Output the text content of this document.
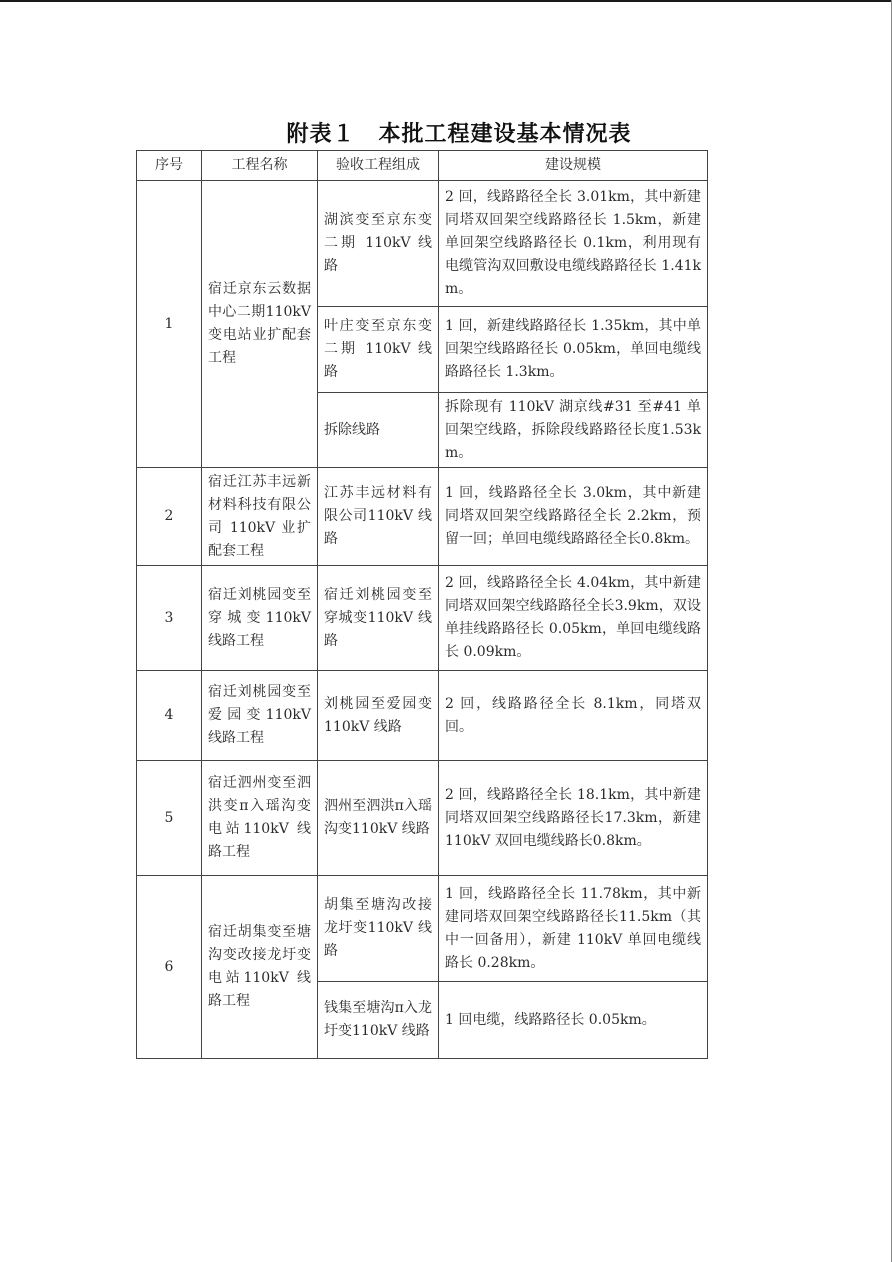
附表１　本批工程建设基本情况表
序号	工程名称	验收工程组成	建设规模
1	宿迁京东云数据中心二期110kV 变电站业扩配套工程	湖滨变至京东变二期 110kV 线路	2 回，线路路径全长 3.01km，其中新建同塔双回架空线路路径长 1.5km，新建单回架空线路路径长 0.1km，利用现有电缆管沟双回敷设电缆线路路径长 1.41km。
		叶庄变至京东变二期 110kV 线路	1 回，新建线路路径长 1.35km，其中单回架空线路路径长 0.05km，单回电缆线路路径长 1.3km。
		拆除线路	拆除现有 110kV 湖京线#31 至#41 单回架空线路，拆除段线路路径长度1.53km。
2	宿迁江苏丰远新材料科技有限公司 110kV 业扩配套工程	江苏丰远材料有限公司110kV 线路	1 回，线路路径全长 3.0km，其中新建同塔双回架空线路路径全长 2.2km，预留一回；单回电缆线路路径全长0.8km。
3	宿迁刘桃园变至穿城变110kV 线路工程	宿迁刘桃园变至穿城变110kV 线路	2 回，线路路径全长 4.04km，其中新建同塔双回架空线路路径全长3.9km，双设单挂线路路径长 0.05km，单回电缆线路长 0.09km。
4	宿迁刘桃园变至爱园变110kV 线路工程	刘桃园至爱园变 110kV 线路	2 回，线路路径全长 8.1km，同塔双回。
5	宿迁泗州变至泗洪变π入瑶沟变电站110kV 线路工程	泗州至泗洪π入瑶沟变110kV 线路	2 回，线路路径全长 18.1km，其中新建同塔双回架空线路路径长17.3km，新建 110kV 双回电缆线路长0.8km。
6	宿迁胡集变至塘沟变改接龙圩变电站110kV 线路工程	胡集至塘沟改接龙圩变110kV 线路	1 回，线路路径全长 11.78km，其中新建同塔双回架空线路路径长11.5km（其中一回备用），新建 110kV 单回电缆线路长 0.28km。
		钱集至塘沟π入龙圩变110kV 线路	1 回电缆，线路路径长 0.05km。
